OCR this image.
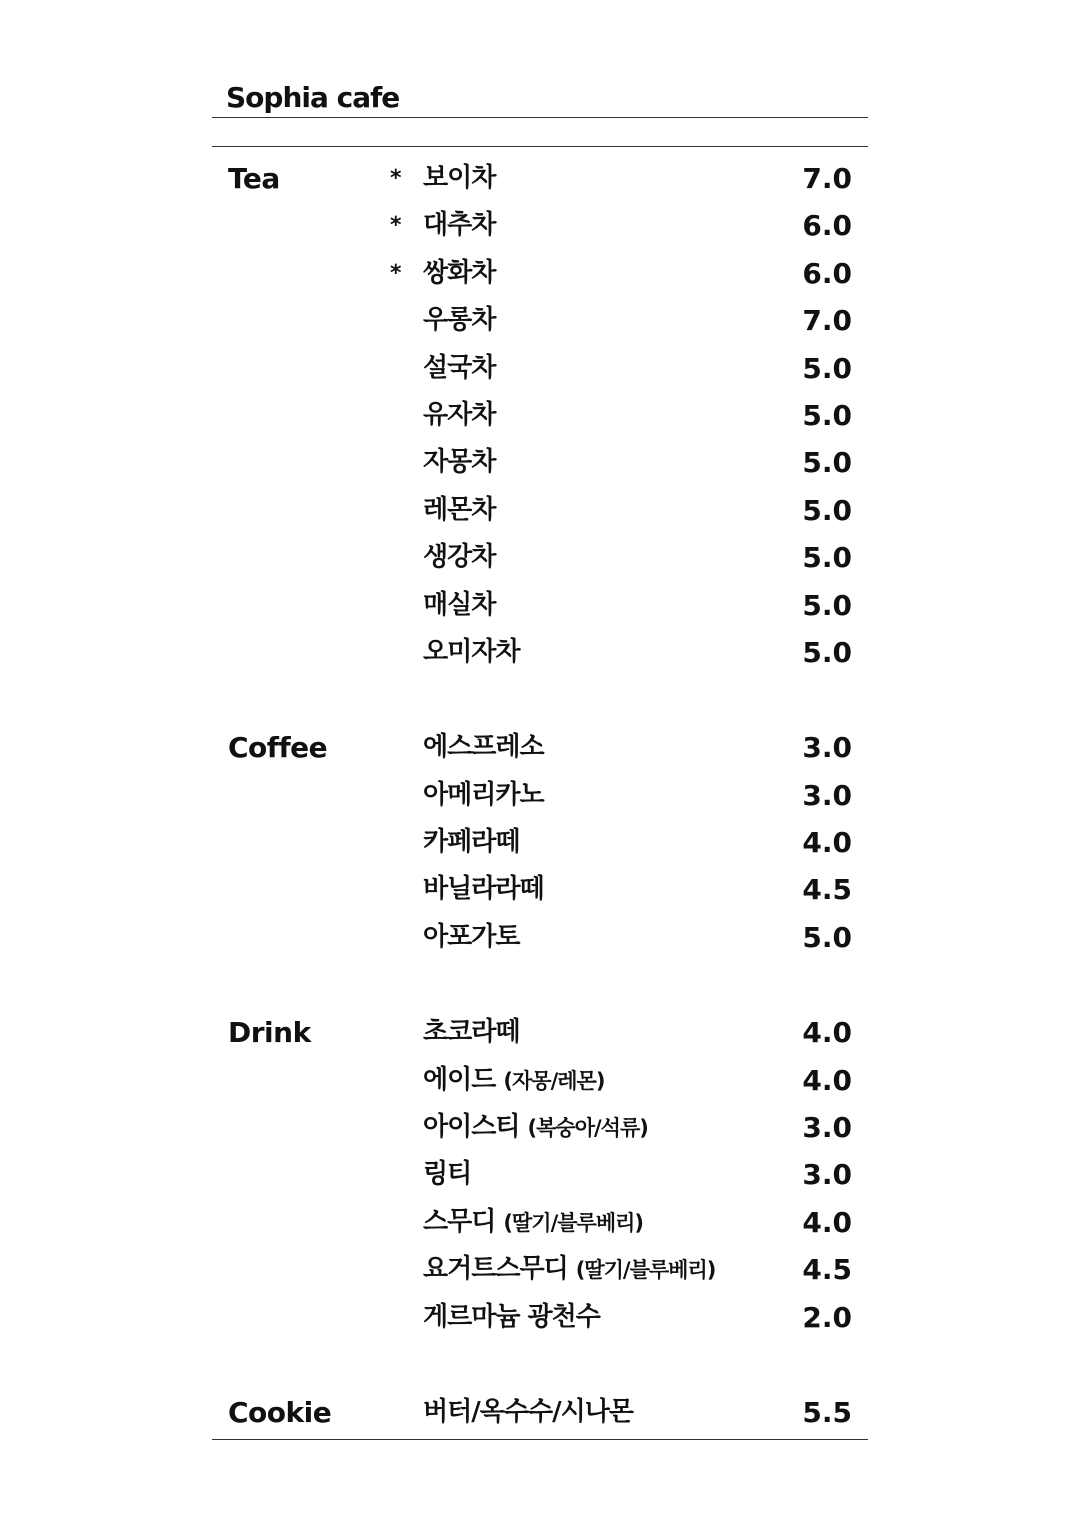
Sophia cafe
Tea	* 보이차	7.0
* 대추차	6.0
* 쌍화차	6.0
우롱차	7.0
설국차	5.0
유자차	5.0
자몽차	5.0
레몬차	5.0
생강차	5.0
매실차	5.0
오미자차	5.0
Coffee	에스프레소	3.0
아메리카노	3.0
카페라떼	4.0
바닐라라떼	4.5
아포가토	5.0
Drink	초코라떼	4.0
에이드 (자몽/레몬)	4.0
아이스티 (복숭아/석류)	3.0
링티	3.0
스무디 (딸기/블루베리)	4.0
요거트스무디 (딸기/블루베리)	4.5
게르마늄 광천수	2.0
Cookie	버터/옥수수/시나몬	5.5
